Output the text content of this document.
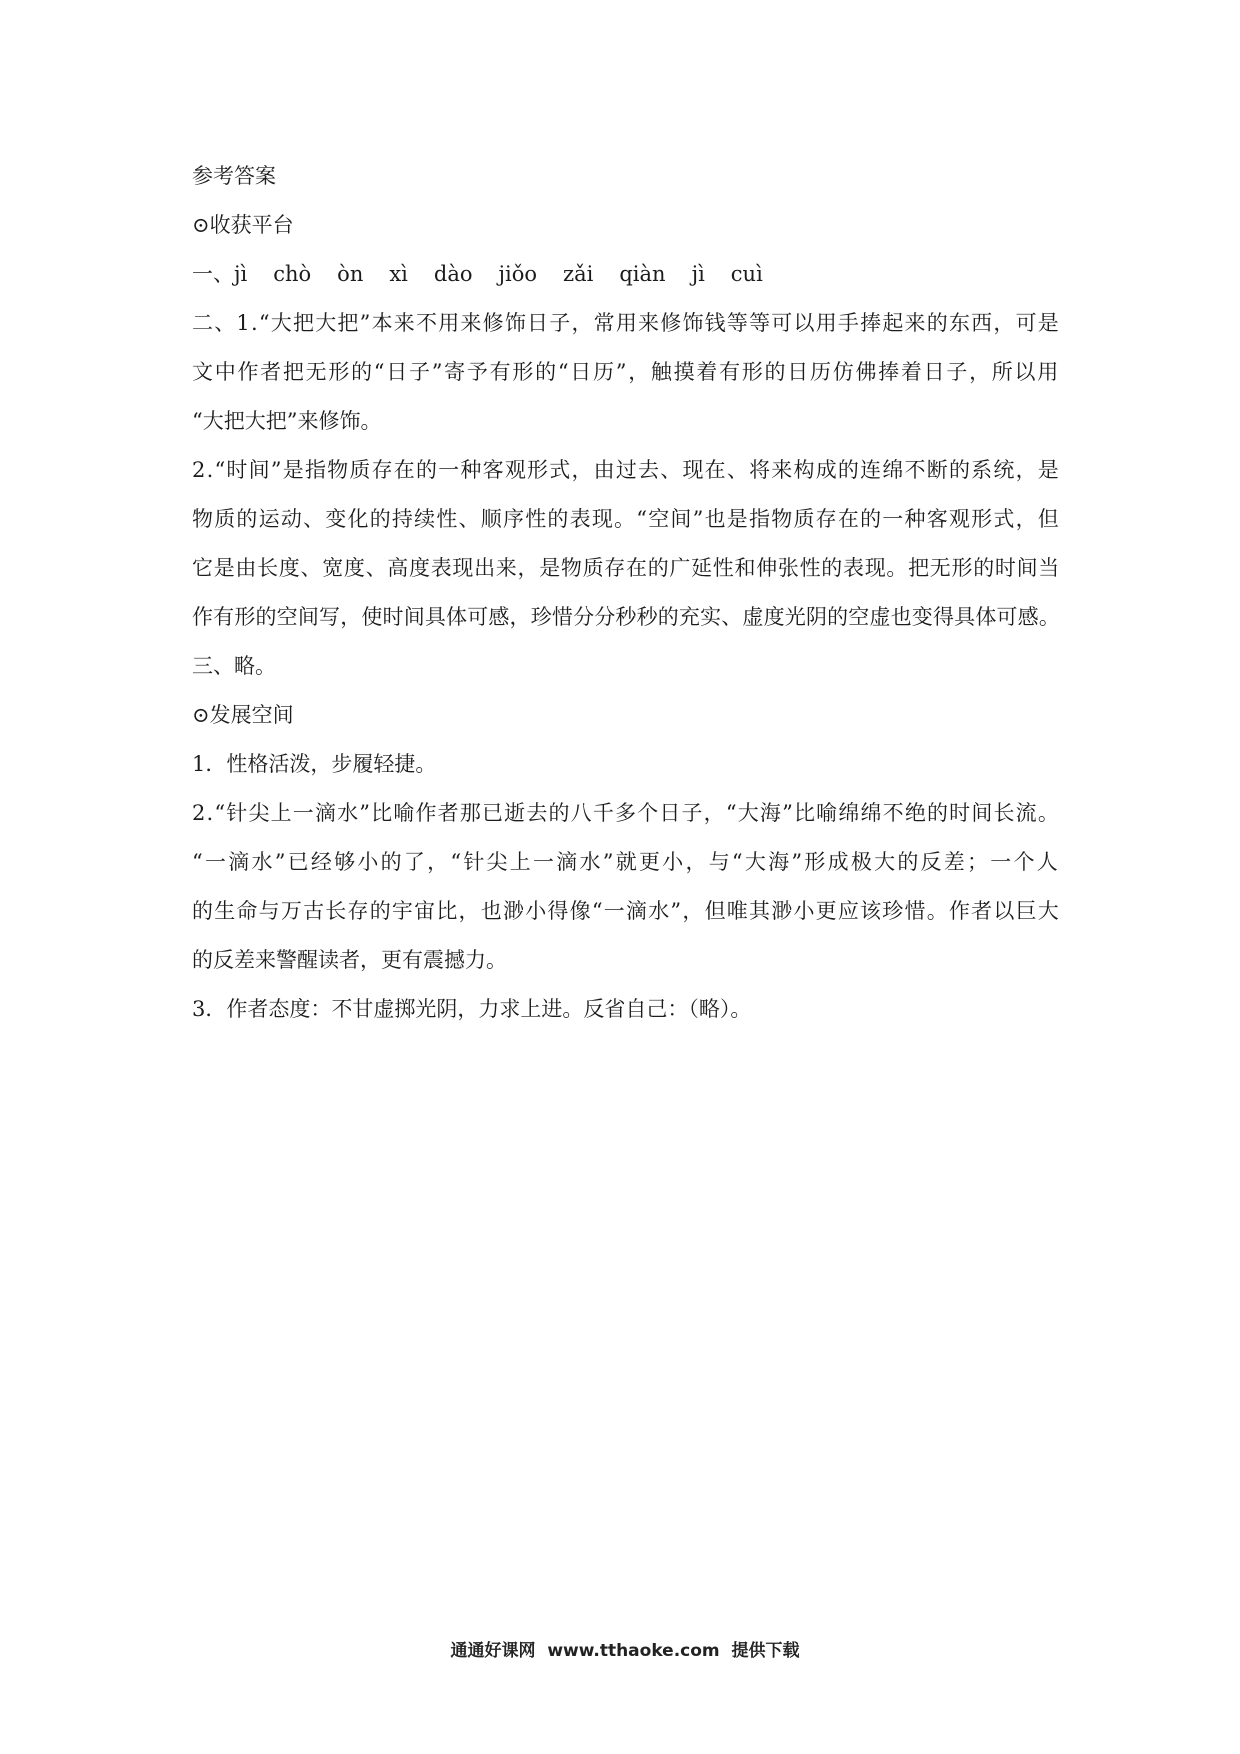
参考答案
⊙收获平台
一、jì chò òn xì dào jiǒo zǎi qiàn jì cuì
二、1.“大把大把”本来不用来修饰日子，常用来修饰钱等等可以用手捧起来的东西，可是
文中作者把无形的“日子”寄予有形的“日历”，触摸着有形的日历仿佛捧着日子，所以用
“大把大把”来修饰。
2.“时间”是指物质存在的一种客观形式，由过去、现在、将来构成的连绵不断的系统，是
物质的运动、变化的持续性、顺序性的表现。“空间”也是指物质存在的一种客观形式，但
它是由长度、宽度、高度表现出来，是物质存在的广延性和伸张性的表现。把无形的时间当
作有形的空间写，使时间具体可感，珍惜分分秒秒的充实、虚度光阴的空虚也变得具体可感。
三、略。
⊙发展空间
1．性格活泼，步履轻捷。
2.“针尖上一滴水”比喻作者那已逝去的八千多个日子，“大海”比喻绵绵不绝的时间长流。
“一滴水”已经够小的了，“针尖上一滴水”就更小，与“大海”形成极大的反差；一个人
的生命与万古长存的宇宙比，也渺小得像“一滴水”，但唯其渺小更应该珍惜。作者以巨大
的反差来警醒读者，更有震撼力。
3．作者态度：不甘虚掷光阴，力求上进。反省自己：（略）。
通通好课网  www.tthaoke.com  提供下载
